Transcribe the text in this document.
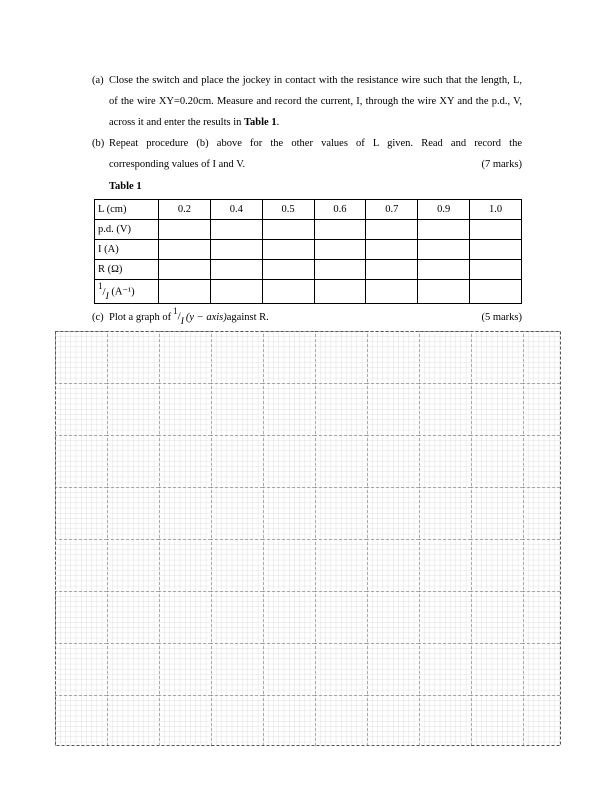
(a) Close the switch and place the jockey in contact with the resistance wire such that the length, L, of the wire XY=0.20cm. Measure and record the current, I, through the wire XY and the p.d., V, across it and enter the results in Table 1.
(b) Repeat procedure (b) above for the other values of L given. Read and record the
corresponding values of I and V.	(7 marks)
Table 1
L (cm)	0.2	0.4	0.5	0.6	0.7	0.9	1.0
p.d. (V)							
I (A)							
R (Ω)							
$^1/_I$ (A⁻¹)							
(c) Plot a graph of
$^1/_I$ (y − axis) against R.	(5 marks)
